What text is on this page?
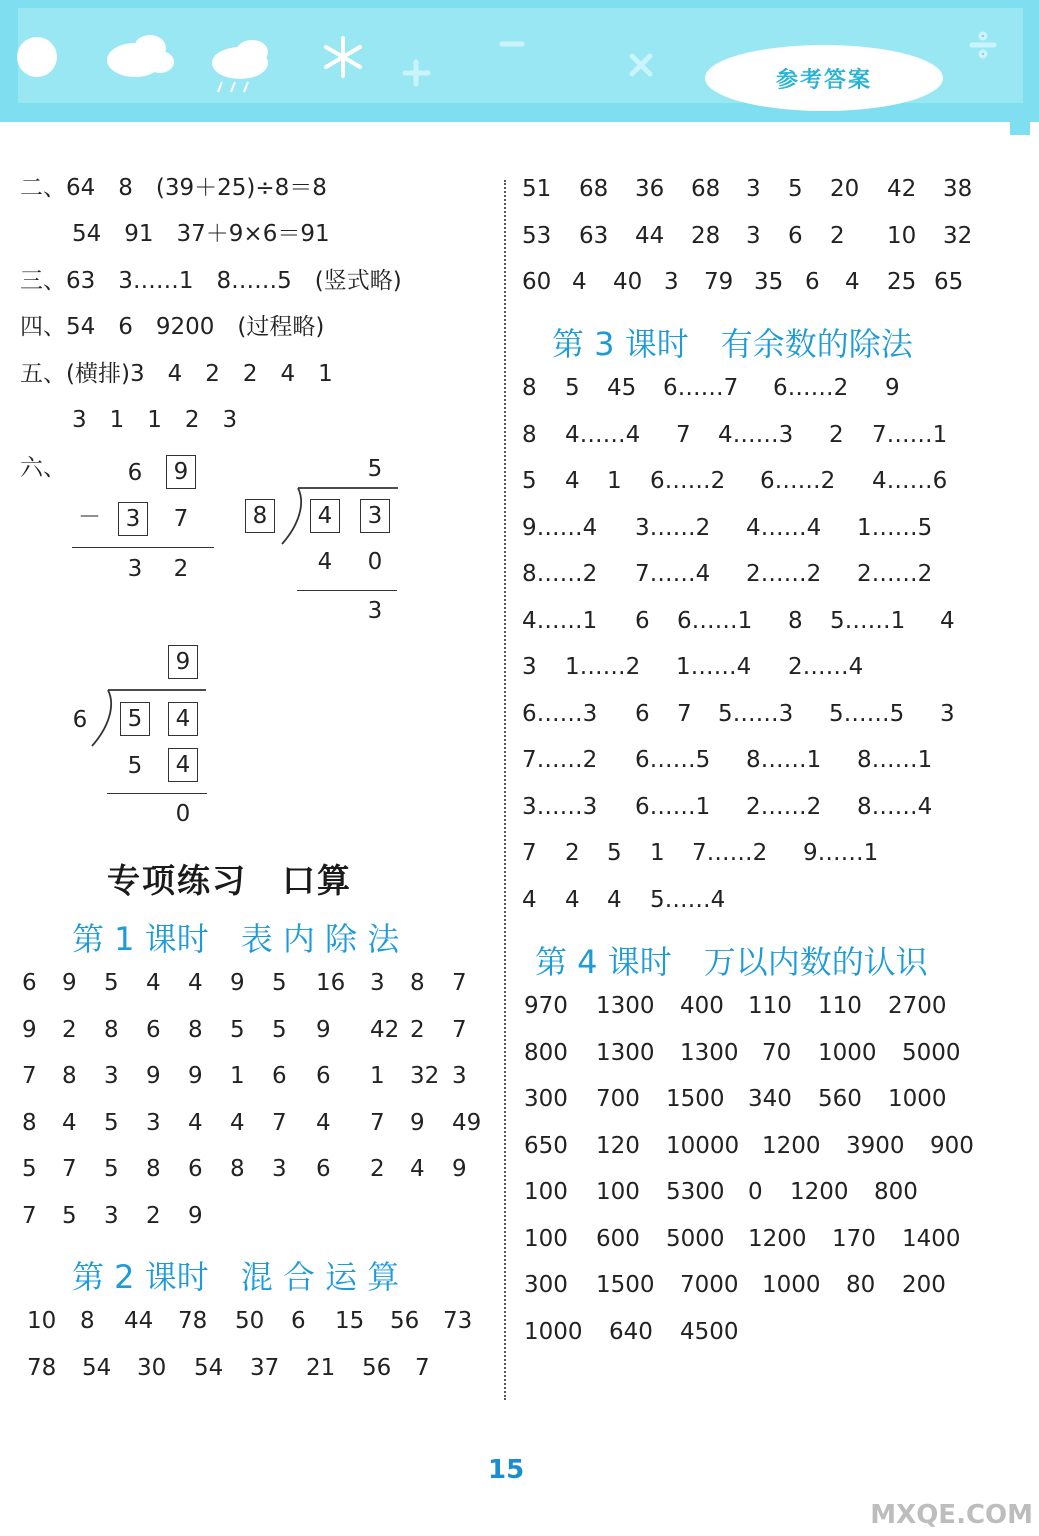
参考答案
二、64　8　(39＋25)÷8＝8
54　91　37＋9×6＝91
三、63　3……1　8……5　(竖式略)
四、54　6　9200　(过程略)
五、(横排)3　4　2　2　4　1
3　1　1　2　3
六、	6	9
－	3	7
3	2
5
8	4	3
4	0
3
9
6	5	4
5	4
0
专项练习　口算
第 1 课时　表 内 除 法
第 2 课时　混 合 运 算
第 3 课时　有余数的除法
第 4 课时　万以内数的认识
6 9 5 4 4 9 5 16 3 8 7
9 2 8 6 8 5 5 9 42 2 7
7 8 3 9 9 1 6 6 1 32 3
8 4 5 3 4 4 7 4 7 9 49
5 7 5 8 6 8 3 6 2 4 9
7 5 3 2 9
10 8 44 78 50 6 15 56 73
78 54 30 54 37 21 56 7
51 68 36 68 3 5 20 42 38
53 63 44 28 3 6 2 10 32
60 4 40 3 79 35 6 4 25 65
8 5 45 6……7 6……2 9
8 4……4 7 4……3 2 7……1
5 4 1 6……2 6……2 4……6
9……4 3……2 4……4 1……5
8……2 7……4 2……2 2……2
4……1 6 6……1 8 5……1 4
3 1……2 1……4 2……4
6……3 6 7 5……3 5……5 3
7……2 6……5 8……1 8……1
3……3 6……1 2……2 8……4
7 2 5 1 7……2 9……1
4 4 4 5……4
970 1300 400 110 110 2700
800 1300 1300 70 1000 5000
300 700 1500 340 560 1000
650 120 10000 1200 3900 900
100 100 5300 0 1200 800
100 600 5000 1200 170 1400
300 1500 7000 1000 80 200
1000 640 4500
15
MXQE.COM
